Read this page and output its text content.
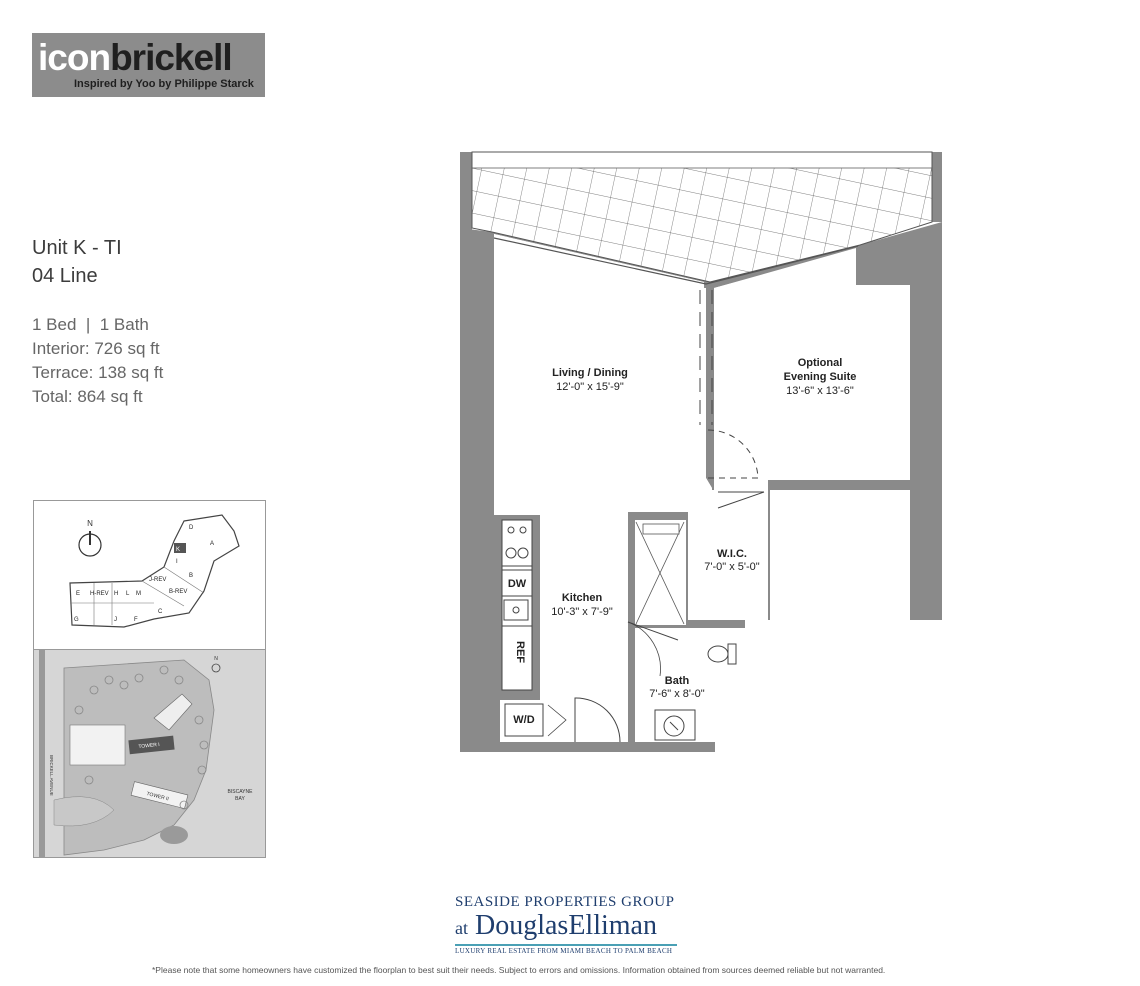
iconbrickell
Inspired by Yoo by Philippe Starck
Unit K - TI
04 Line
1 Bed  |  1 Bath
Interior: 726 sq ft
Terrace: 138 sq ft
Total: 864 sq ft
N	D
A
K
I
B
J-REV
B-REV
E H-REV H L M
C
G	J	F
N
TOWER I
TOWER II	BISCAYNE
BAY
BRICKELL AVENUE
Living / Dining
12'-0" x 15'-9"
Optional
Evening Suite
13'-6" x 13'-6"
W.I.C.
7'-0" x 5'-0"
Kitchen
10'-3" x 7'-9"
Bath
7'-6" x 8'-0"
DW
REF
W/D
SEASIDE PROPERTIES GROUP
at DouglasElliman
LUXURY REAL ESTATE FROM MIAMI BEACH TO PALM BEACH
*Please note that some homeowners have customized the floorplan to best suit their needs. Subject to errors and omissions. Information obtained from sources deemed reliable but not warranted.
